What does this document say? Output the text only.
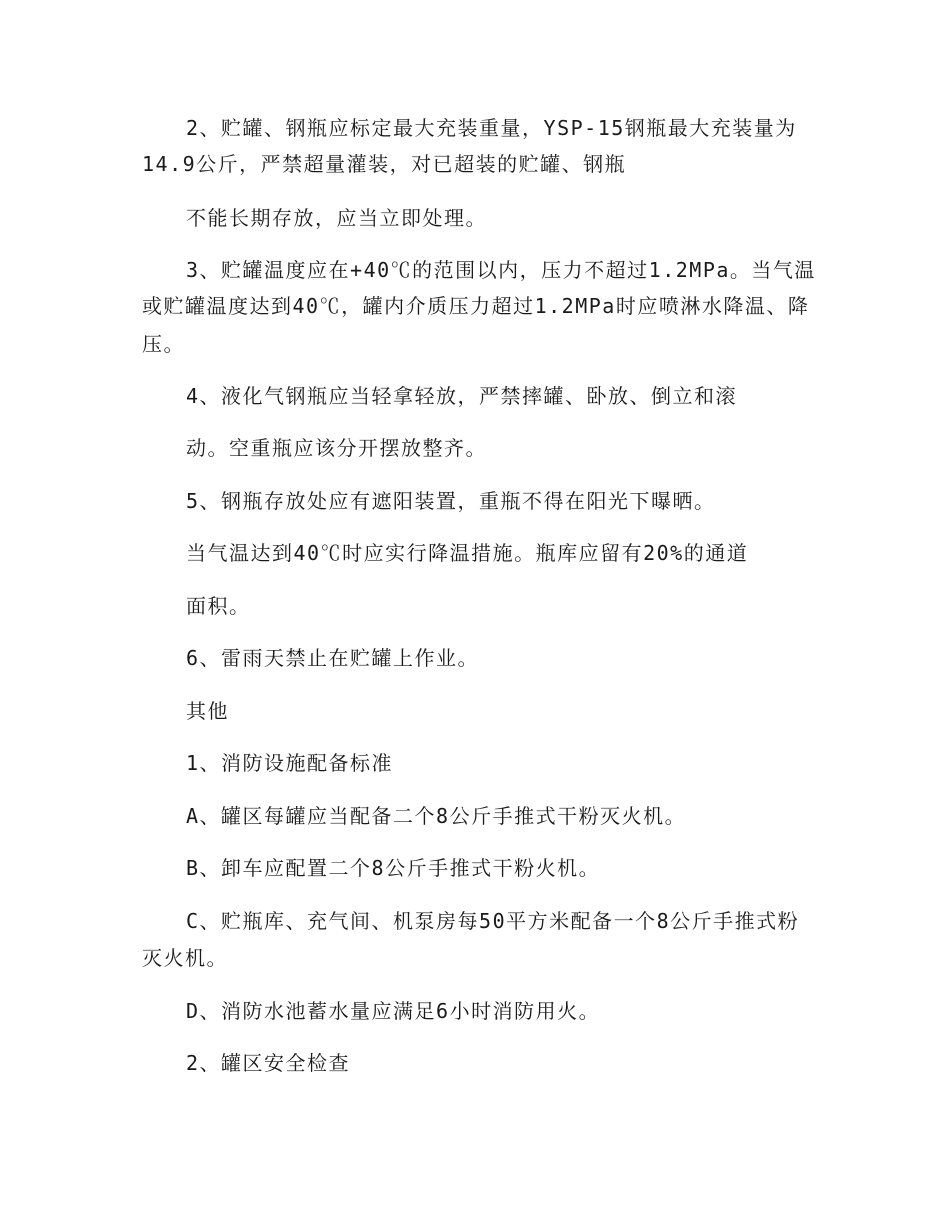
2、贮罐、钢瓶应标定最大充装重量，YSP-15钢瓶最大充装量为

14.9公斤，严禁超量灌装，对已超装的贮罐、钢瓶

不能长期存放，应当立即处理。

3、贮罐温度应在+40℃的范围以内，压力不超过1.2MPa。当气温

或贮罐温度达到40℃，罐内介质压力超过1.2MPa时应喷淋水降温、降

压。

4、液化气钢瓶应当轻拿轻放，严禁摔罐、卧放、倒立和滚

动。空重瓶应该分开摆放整齐。

5、钢瓶存放处应有遮阳装置，重瓶不得在阳光下曝晒。

当气温达到40℃时应实行降温措施。瓶库应留有20%的通道

面积。

6、雷雨天禁止在贮罐上作业。

其他

1、消防设施配备标准

A、罐区每罐应当配备二个8公斤手推式干粉灭火机。

B、卸车应配置二个8公斤手推式干粉火机。

C、贮瓶库、充气间、机泵房每50平方米配备一个8公斤手推式粉

灭火机。

D、消防水池蓄水量应满足6小时消防用火。

2、罐区安全检查
